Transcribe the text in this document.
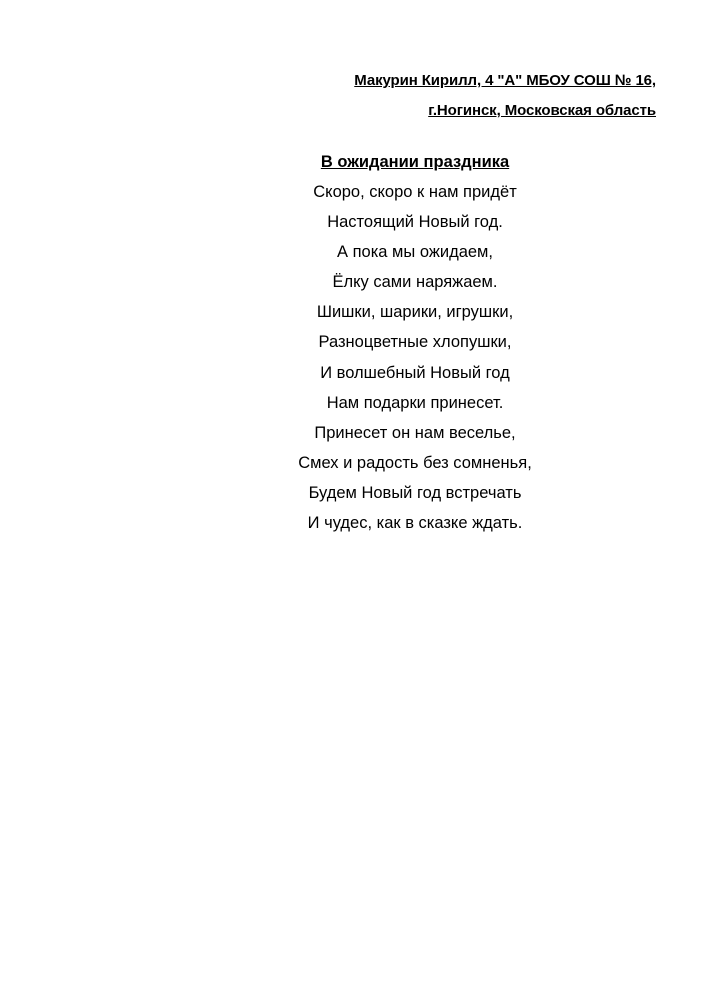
Макурин Кирилл, 4 "А" МБОУ СОШ № 16,
г.Ногинск, Московская область
В ожидании праздника
Скоро, скоро к нам придёт
Настоящий Новый год.
А пока мы ожидаем,
Ёлку сами наряжаем.
Шишки, шарики, игрушки,
Разноцветные хлопушки,
И волшебный Новый год
Нам подарки принесет.
Принесет он нам веселье,
Смех и радость без сомненья,
Будем Новый год встречать
И чудес, как в сказке ждать.
